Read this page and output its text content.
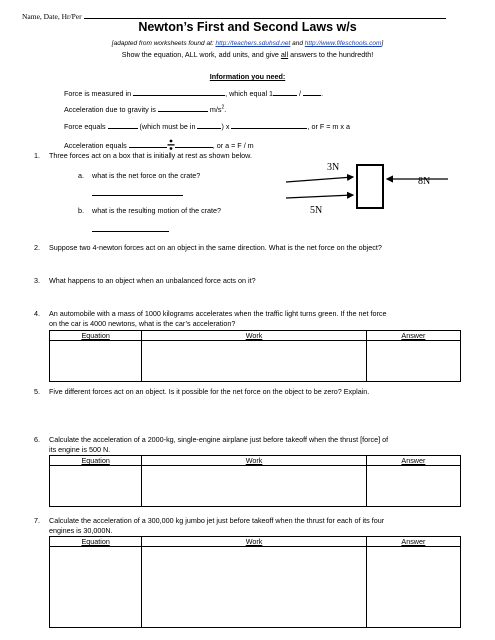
Name, Date, Hr/Per
Newton’s First and Second Laws w/s
[adapted from worksheets found at: http://teachers.sduhsd.net and http://www.fifeschools.com]
Show the equation, ALL work, add units, and give all answers to the hundredth!
Information you need:
Force is measured in	, which equal 1	/	.
Acceleration due to gravity is	$m/s^2$.
Force equals	(which must be in	) x	, or F = m x a
Acceleration equals	, or a = F / m
1. Three forces act on a box that is initially at rest as shown below.
a. what is the net force on the crate?
b. what is the resulting motion of the crate?
3N
5N
8N
2. Suppose two 4-newton forces act on an object in the same direction. What is the net force on the object?
3. What happens to an object when an unbalanced force acts on it?
4. An automobile with a mass of 1000 kilograms accelerates when the traffic light turns green. If the net force
on the car is 4000 newtons, what is the car’s acceleration?
Equation	Work	Answer

5. Five different forces act on an object. Is it possible for the net force on the object to be zero? Explain.
6. Calculate the acceleration of a 2000-kg, single-engine airplane just before takeoff when the thrust [force] of
its engine is 500 N.
Equation	Work	Answer

7. Calculate the acceleration of a 300,000 kg jumbo jet just before takeoff when the thrust for each of its four
engines is 30,000N.
Equation	Work	Answer
